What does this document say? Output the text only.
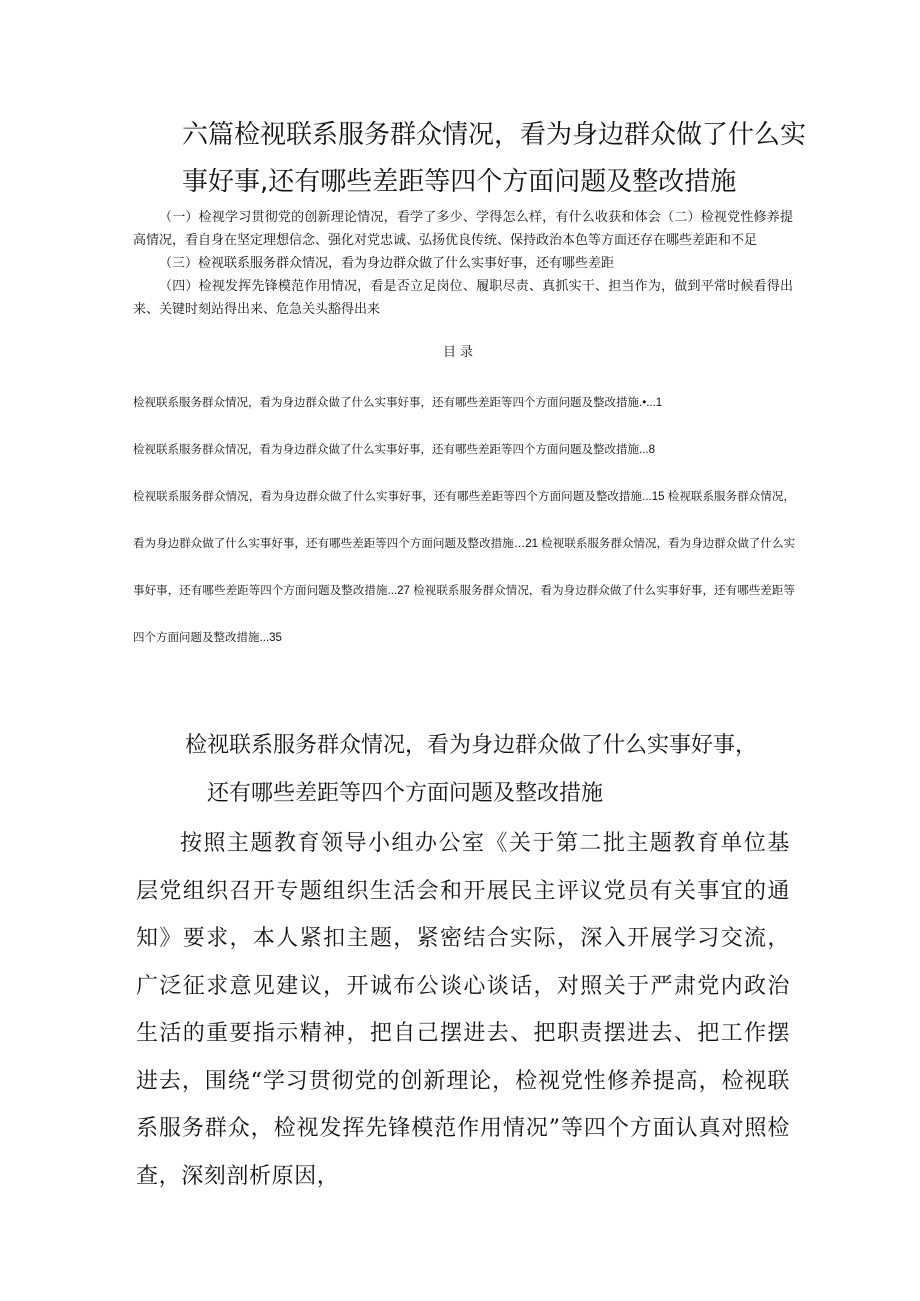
六篇检视联系服务群众情况，看为身边群众做了什么实事好事,还有哪些差距等四个方面问题及整改措施

（一）检视学习贯彻党的创新理论情况，看学了多少、学得怎么样，有什么收获和体会（二）检视党性修养提高情况，看自身在坚定理想信念、强化对党忠诚、弘扬优良传统、保持政治本色等方面还存在哪些差距和不足

（三）检视联系服务群众情况，看为身边群众做了什么实事好事，还有哪些差距

（四）检视发挥先锋模范作用情况，看是否立足岗位、履职尽责、真抓实干、担当作为，做到平常时候看得出来、关键时刻站得出来、危急关头豁得出来

目录
检视联系服务群众情况，看为身边群众做了什么实事好事，还有哪些差距等四个方面问题及整改措施.•...1
检视联系服务群众情况，看为身边群众做了什么实事好事，还有哪些差距等四个方面问题及整改措施...8
检视联系服务群众情况，看为身边群众做了什么实事好事，还有哪些差距等四个方面问题及整改措施...15 检视联系服务群众情况，看为身边群众做了什么实事好事，还有哪些差距等四个方面问题及整改措施…21 检视联系服务群众情况，看为身边群众做了什么实事好事，还有哪些差距等四个方面问题及整改措施...27 检视联系服务群众情况，看为身边群众做了什么实事好事，还有哪些差距等四个方面问题及整改措施...35
检视联系服务群众情况，看为身边群众做了什么实事好事，
还有哪些差距等四个方面问题及整改措施

按照主题教育领导小组办公室《关于第二批主题教育单位基层党组织召开专题组织生活会和开展民主评议党员有关事宜的通知》要求，本人紧扣主题，紧密结合实际，深入开展学习交流，广泛征求意见建议，开诚布公谈心谈话，对照关于严肃党内政治生活的重要指示精神，把自己摆进去、把职责摆进去、把工作摆进去，围绕“学习贯彻党的创新理论，检视党性修养提高，检视联系服务群众，检视发挥先锋模范作用情况”等四个方面认真对照检查，深刻剖析原因，
